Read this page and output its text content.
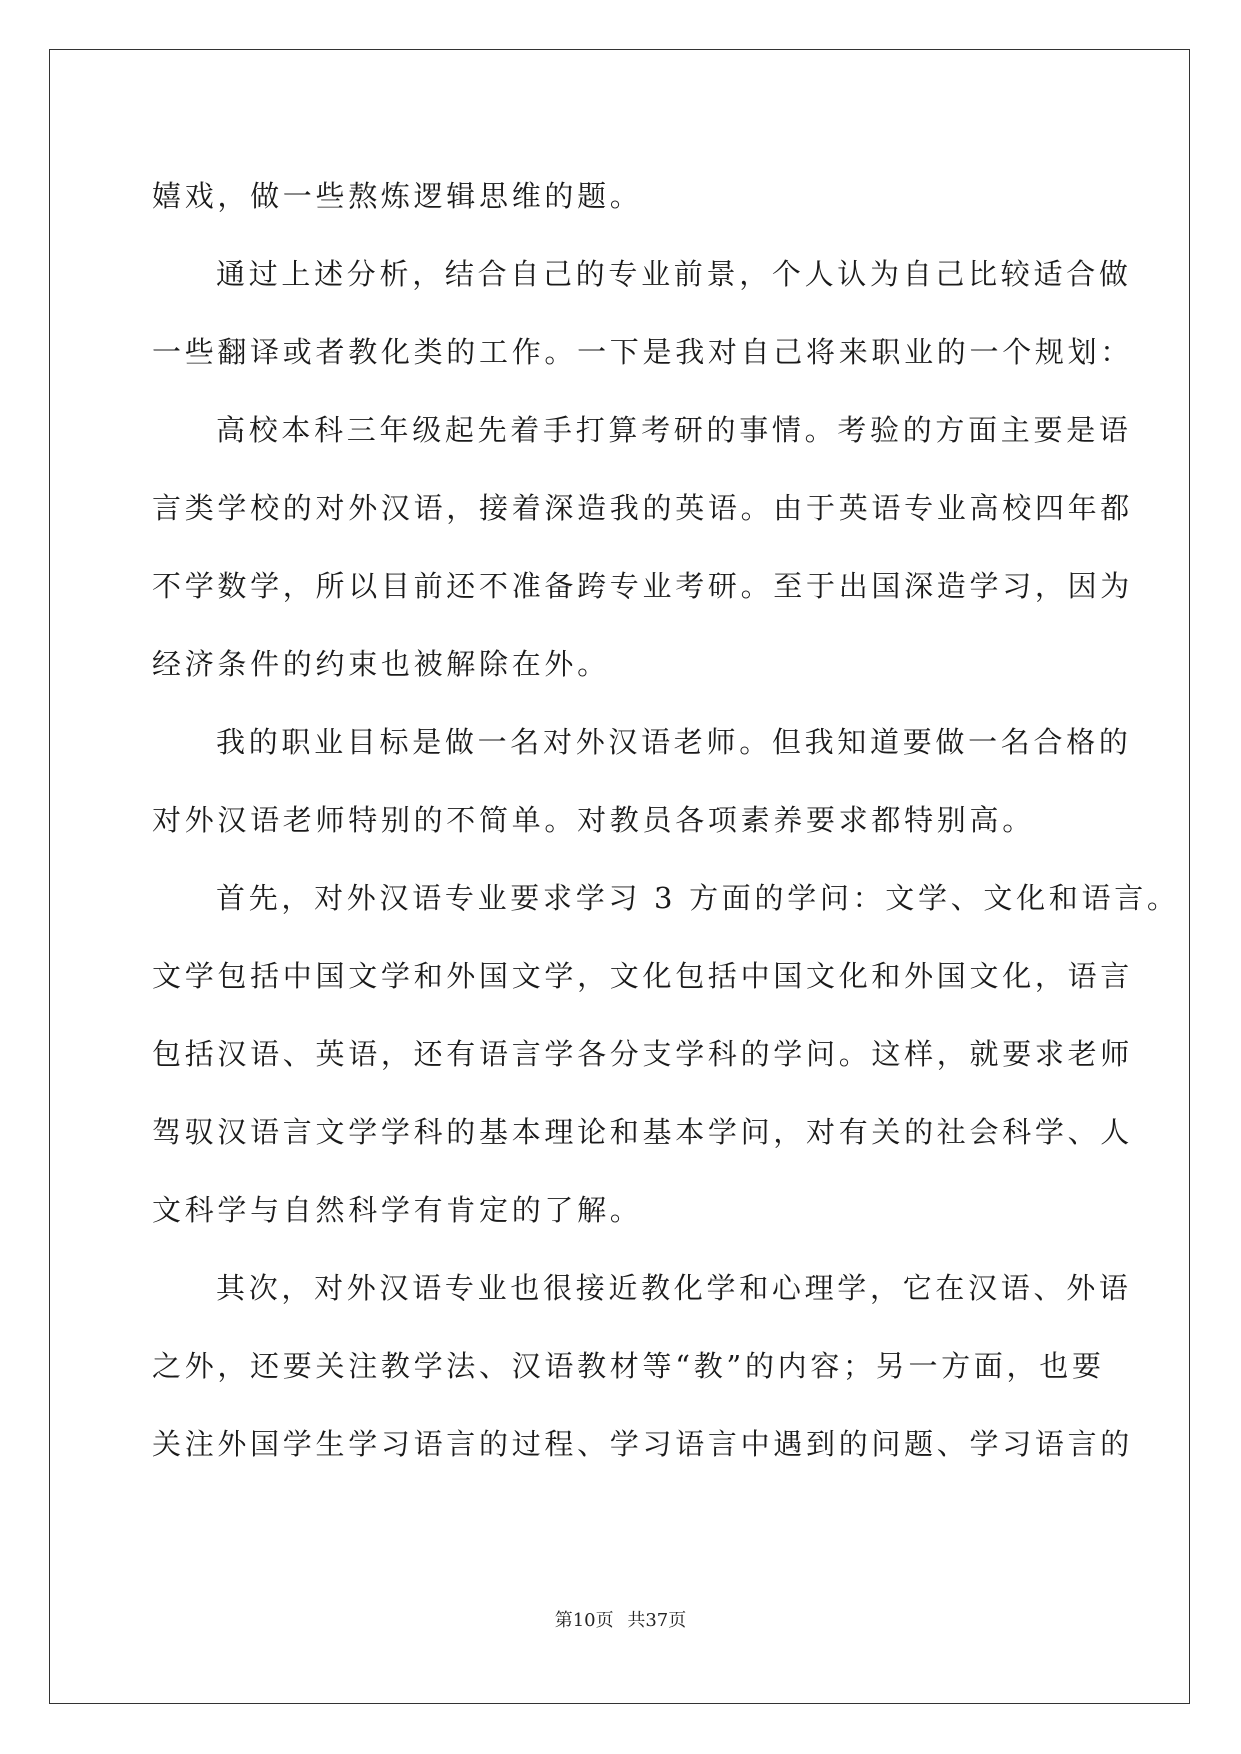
嬉戏，做一些熬炼逻辑思维的题。
通过上述分析，结合自己的专业前景，个人认为自己比较适合做
一些翻译或者教化类的工作。一下是我对自己将来职业的一个规划：
高校本科三年级起先着手打算考研的事情。考验的方面主要是语
言类学校的对外汉语，接着深造我的英语。由于英语专业高校四年都
不学数学，所以目前还不准备跨专业考研。至于出国深造学习，因为
经济条件的约束也被解除在外。
我的职业目标是做一名对外汉语老师。但我知道要做一名合格的
对外汉语老师特别的不简单。对教员各项素养要求都特别高。
首先，对外汉语专业要求学习 3 方面的学问：文学、文化和语言。
文学包括中国文学和外国文学，文化包括中国文化和外国文化，语言
包括汉语、英语，还有语言学各分支学科的学问。这样，就要求老师
驾驭汉语言文学学科的基本理论和基本学问，对有关的社会科学、人
文科学与自然科学有肯定的了解。
其次，对外汉语专业也很接近教化学和心理学，它在汉语、外语
之外，还要关注教学法、汉语教材等“教”的内容；另一方面，也要
关注外国学生学习语言的过程、学习语言中遇到的问题、学习语言的
第10页 共37页
